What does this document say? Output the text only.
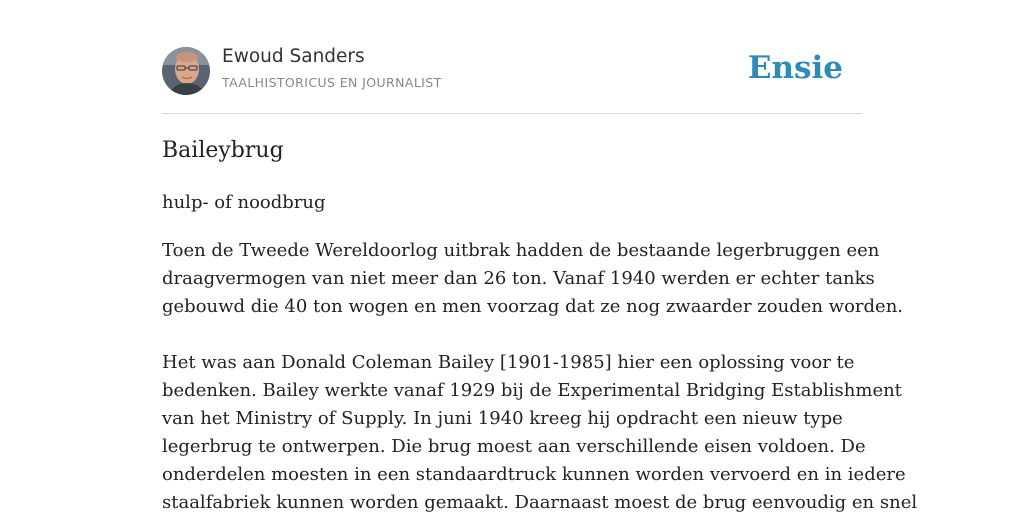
Ewoud Sanders
TAALHISTORICUS EN JOURNALIST	Ensie
Baileybrug

hulp- of noodbrug

Toen de Tweede Wereldoorlog uitbrak hadden de bestaande legerbruggen een
draagvermogen van niet meer dan 26 ton. Vanaf 1940 werden er echter tanks
gebouwd die 40 ton wogen en men voorzag dat ze nog zwaarder zouden worden.
Het was aan Donald Coleman Bailey [1901-1985] hier een oplossing voor te
bedenken. Bailey werkte vanaf 1929 bij de Experimental Bridging Establishment
van het Ministry of Supply. In juni 1940 kreeg hij opdracht een nieuw type
legerbrug te ontwerpen. Die brug moest aan verschillende eisen voldoen. De
onderdelen moesten in een standaardtruck kunnen worden vervoerd en in iedere
staalfabriek kunnen worden gemaakt. Daarnaast moest de brug eenvoudig en snel
